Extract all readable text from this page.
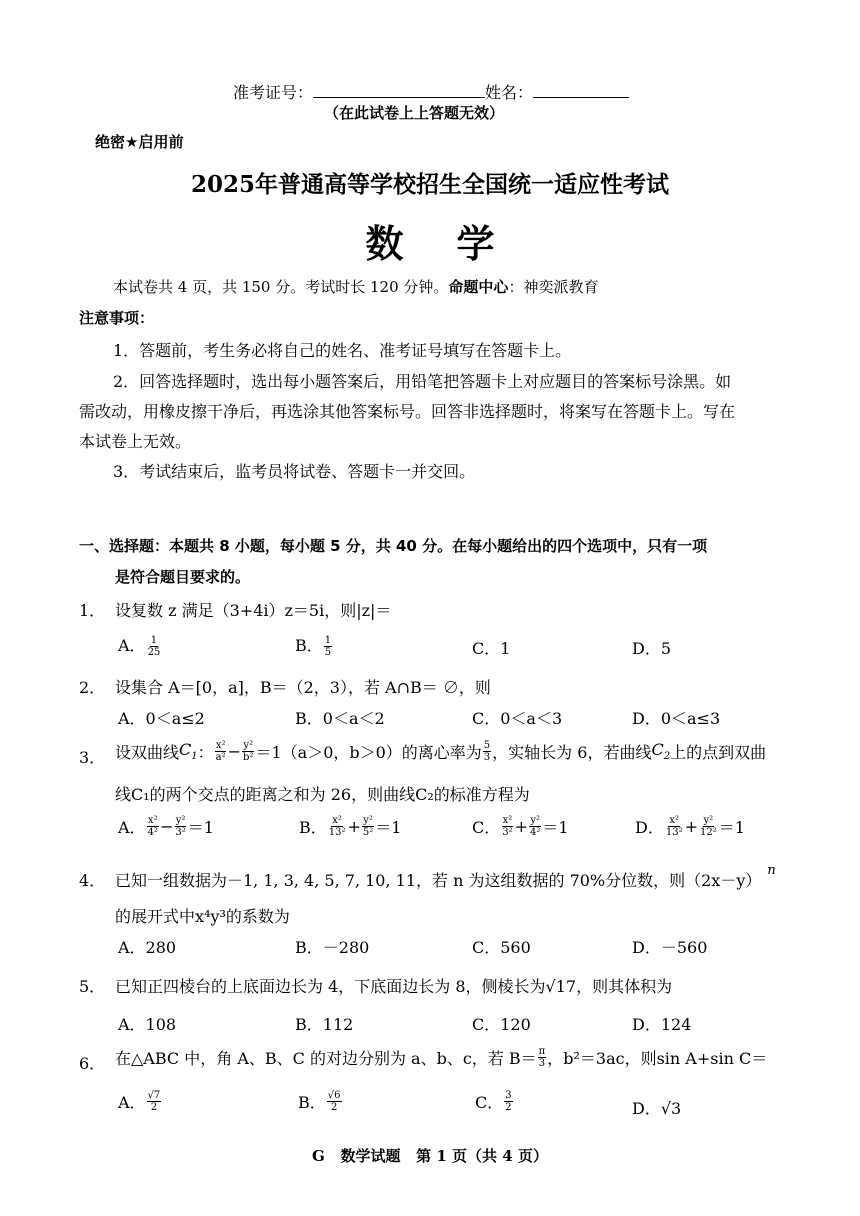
准考证号：	姓名：
（在此试卷上上答题无效）
绝密★启用前
2025年普通高等学校招生全国统一适应性考试
数    学
本试卷共 4 页，共 150 分。考试时长 120 分钟。命题中心：神奕派教育
注意事项：
1．答题前，考生务必将自己的姓名、准考证号填写在答题卡上。
2．回答选择题时，选出每小题答案后，用铅笔把答题卡上对应题目的答案标号涂黑。如
需改动，用橡皮擦干净后，再选涂其他答案标号。回答非选择题时，将案写在答题卡上。写在
本试卷上无效。
3．考试结束后，监考员将试卷、答题卡一并交回。
一、选择题：本题共 8 小题，每小题 5 分，共 40 分。在每小题给出的四个选项中，只有一项
是符合题目要求的。
1． 设复数 z 满足（3+4i）z＝5i，则|z|＝
A． $\frac{1}{25}$	B． $\frac{1}{5}$	C．1	D．5
2． 设集合 A＝[0，a]，B＝（2，3），若 A∩B＝ ∅，则
A．0＜a≤2	B．0＜a＜2	C．0＜a＜3	D．0＜a≤3
3． 设双曲线 $C_1$ ： $\frac{\text{x²}}{\text{a²}} - \frac{\text{y²}}{\text{b²}} =1(a>0$，b＞0）的离心率为 $\frac{5}{3}$ ，实轴长为 6，若曲线 $C_2$ 上的点到双曲
线C₁的两个交点的距离之和为 26，则曲线C₂的标准方程为
A． $\frac{\text{x²}}{\text{4²}} - \frac{\text{y²}}{\text{3²}} =1$	B． $\frac{\text{x²}}{\text{13²}} + \frac{\text{y²}}{\text{5²}} =1$	C． $\frac{\text{x²}}{\text{3²}} + \frac{\text{y²}}{\text{4²}} =1$	D． $\frac{\text{x²}}{\text{13²}} + \frac{\text{y²}}{\text{12²}} =1$
4． 已知一组数据为－1, 1, 3, 4, 5, 7, 10, 11，若 n 为这组数据的 70%分位数，则$(2x-y)^n$
的展开式中x⁴y³的系数为
A．280	B．－280	C．560	D．－560
5． 已知正四棱台的上底面边长为 4，下底面边长为 8，侧棱长为√17，则其体积为
A．108	B．112	C．120	D．124
6． 在△ABC 中，角 A、B、C 的对边分别为 a、b、c，若 $B= \frac{\pi}{3}$ ，b²＝3ac，则sin A+sin C＝
A． $\frac{√7}{2}$	B． $\frac{√6}{2}$	C． $\frac{3}{2}$	D．√3
G   数学试题   第 1 页（共 4 页）
